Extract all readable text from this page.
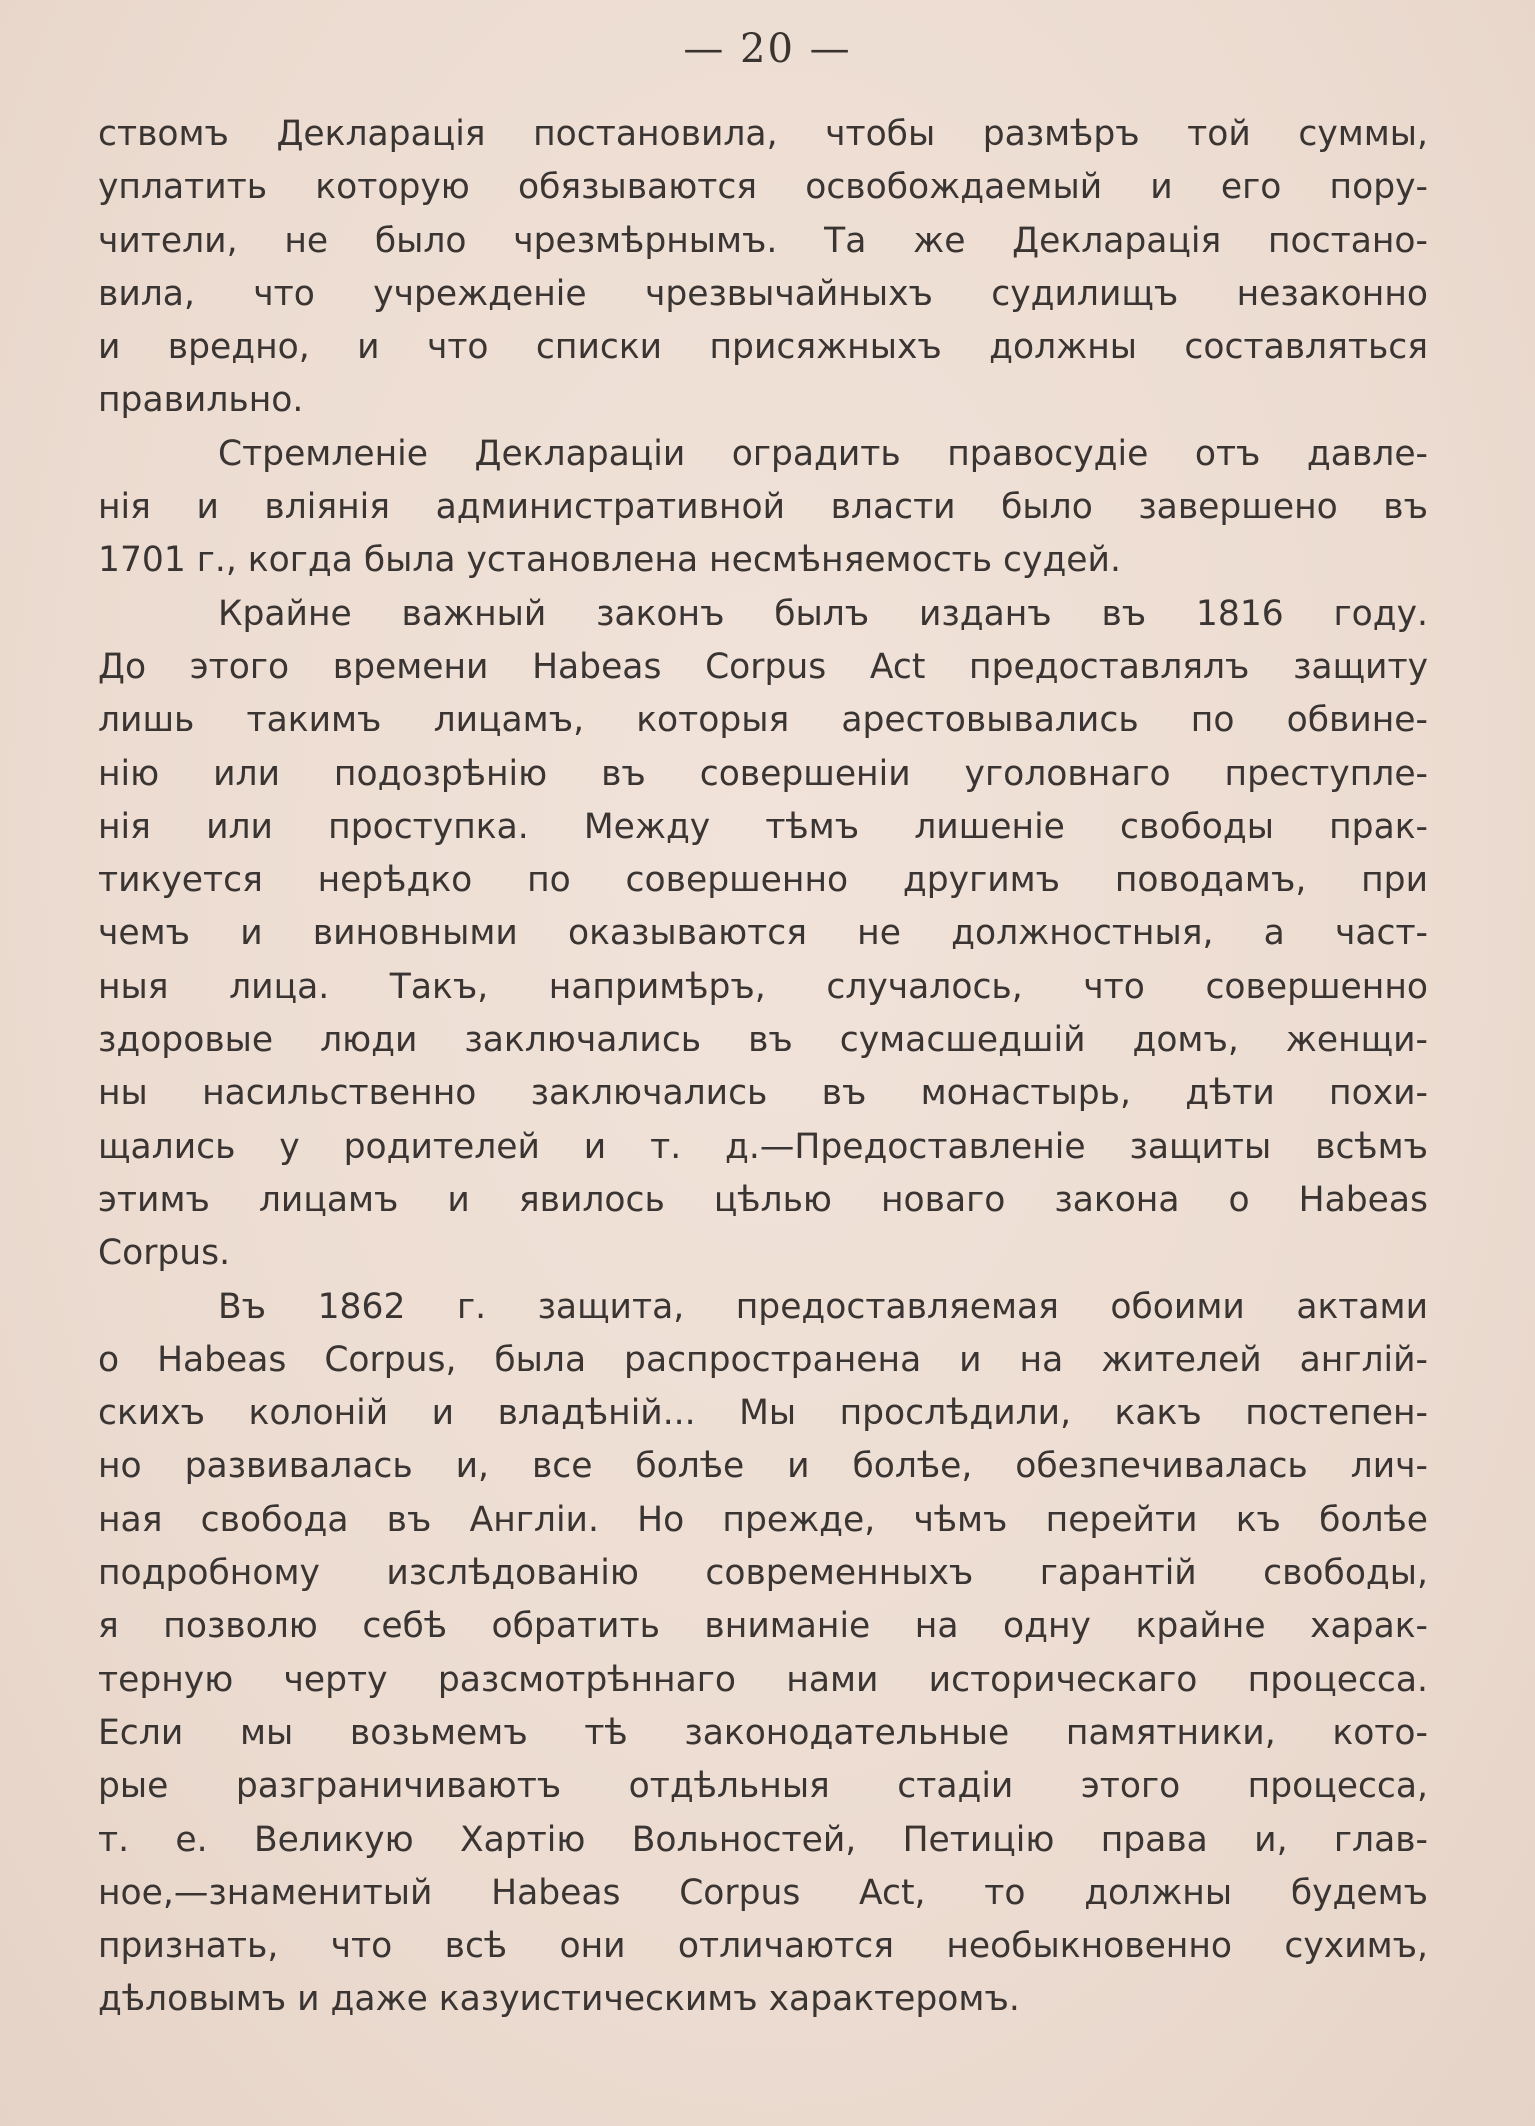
— 20 —
ствомъ Декларація постановила, чтобы размѣръ той суммы,
уплатить которую обязываются освобождаемый и его пору-
чители, не было чрезмѣрнымъ. Та же Декларація постано-
вила, что учрежденіе чрезвычайныхъ судилищъ незаконно
и вредно, и что списки присяжныхъ должны составляться
правильно.
Стремленіе Деклараціи оградить правосудіе отъ давле-
нія и вліянія административной власти было завершено въ
1701 г., когда была установлена несмѣняемость судей.
Крайне важный законъ былъ изданъ въ 1816 году.
До этого времени Habeas Corpus Act предоставлялъ защиту
лишь такимъ лицамъ, которыя арестовывались по обвине-
нію или подозрѣнію въ совершеніи уголовнаго преступле-
нія или проступка. Между тѣмъ лишеніе свободы прак-
тикуется нерѣдко по совершенно другимъ поводамъ, при
чемъ и виновными оказываются не должностныя, а част-
ныя лица. Такъ, напримѣръ, случалось, что совершенно
здоровые люди заключались въ сумасшедшій домъ, женщи-
ны насильственно заключались въ монастырь, дѣти похи-
щались у родителей и т. д.—Предоставленіе защиты всѣмъ
этимъ лицамъ и явилось цѣлью новаго закона о Habeas
Corpus.
Въ 1862 г. защита, предоставляемая обоими актами
о Habeas Corpus, была распространена и на жителей англій-
скихъ колоній и владѣній... Мы прослѣдили, какъ постепен-
но развивалась и, все болѣе и болѣе, обезпечивалась лич-
ная свобода въ Англіи. Но прежде, чѣмъ перейти къ болѣе
подробному изслѣдованію современныхъ гарантій свободы,
я позволю себѣ обратить вниманіе на одну крайне харак-
терную черту разсмотрѣннаго нами историческаго процесса.
Если мы возьмемъ тѣ законодательные памятники, кото-
рые разграничиваютъ отдѣльныя стадіи этого процесса,
т. е. Великую Хартію Вольностей, Петицію права и, глав-
ное,—знаменитый Habeas Corpus Act, то должны будемъ
признать, что всѣ они отличаются необыкновенно сухимъ,
дѣловымъ и даже казуистическимъ характеромъ.
